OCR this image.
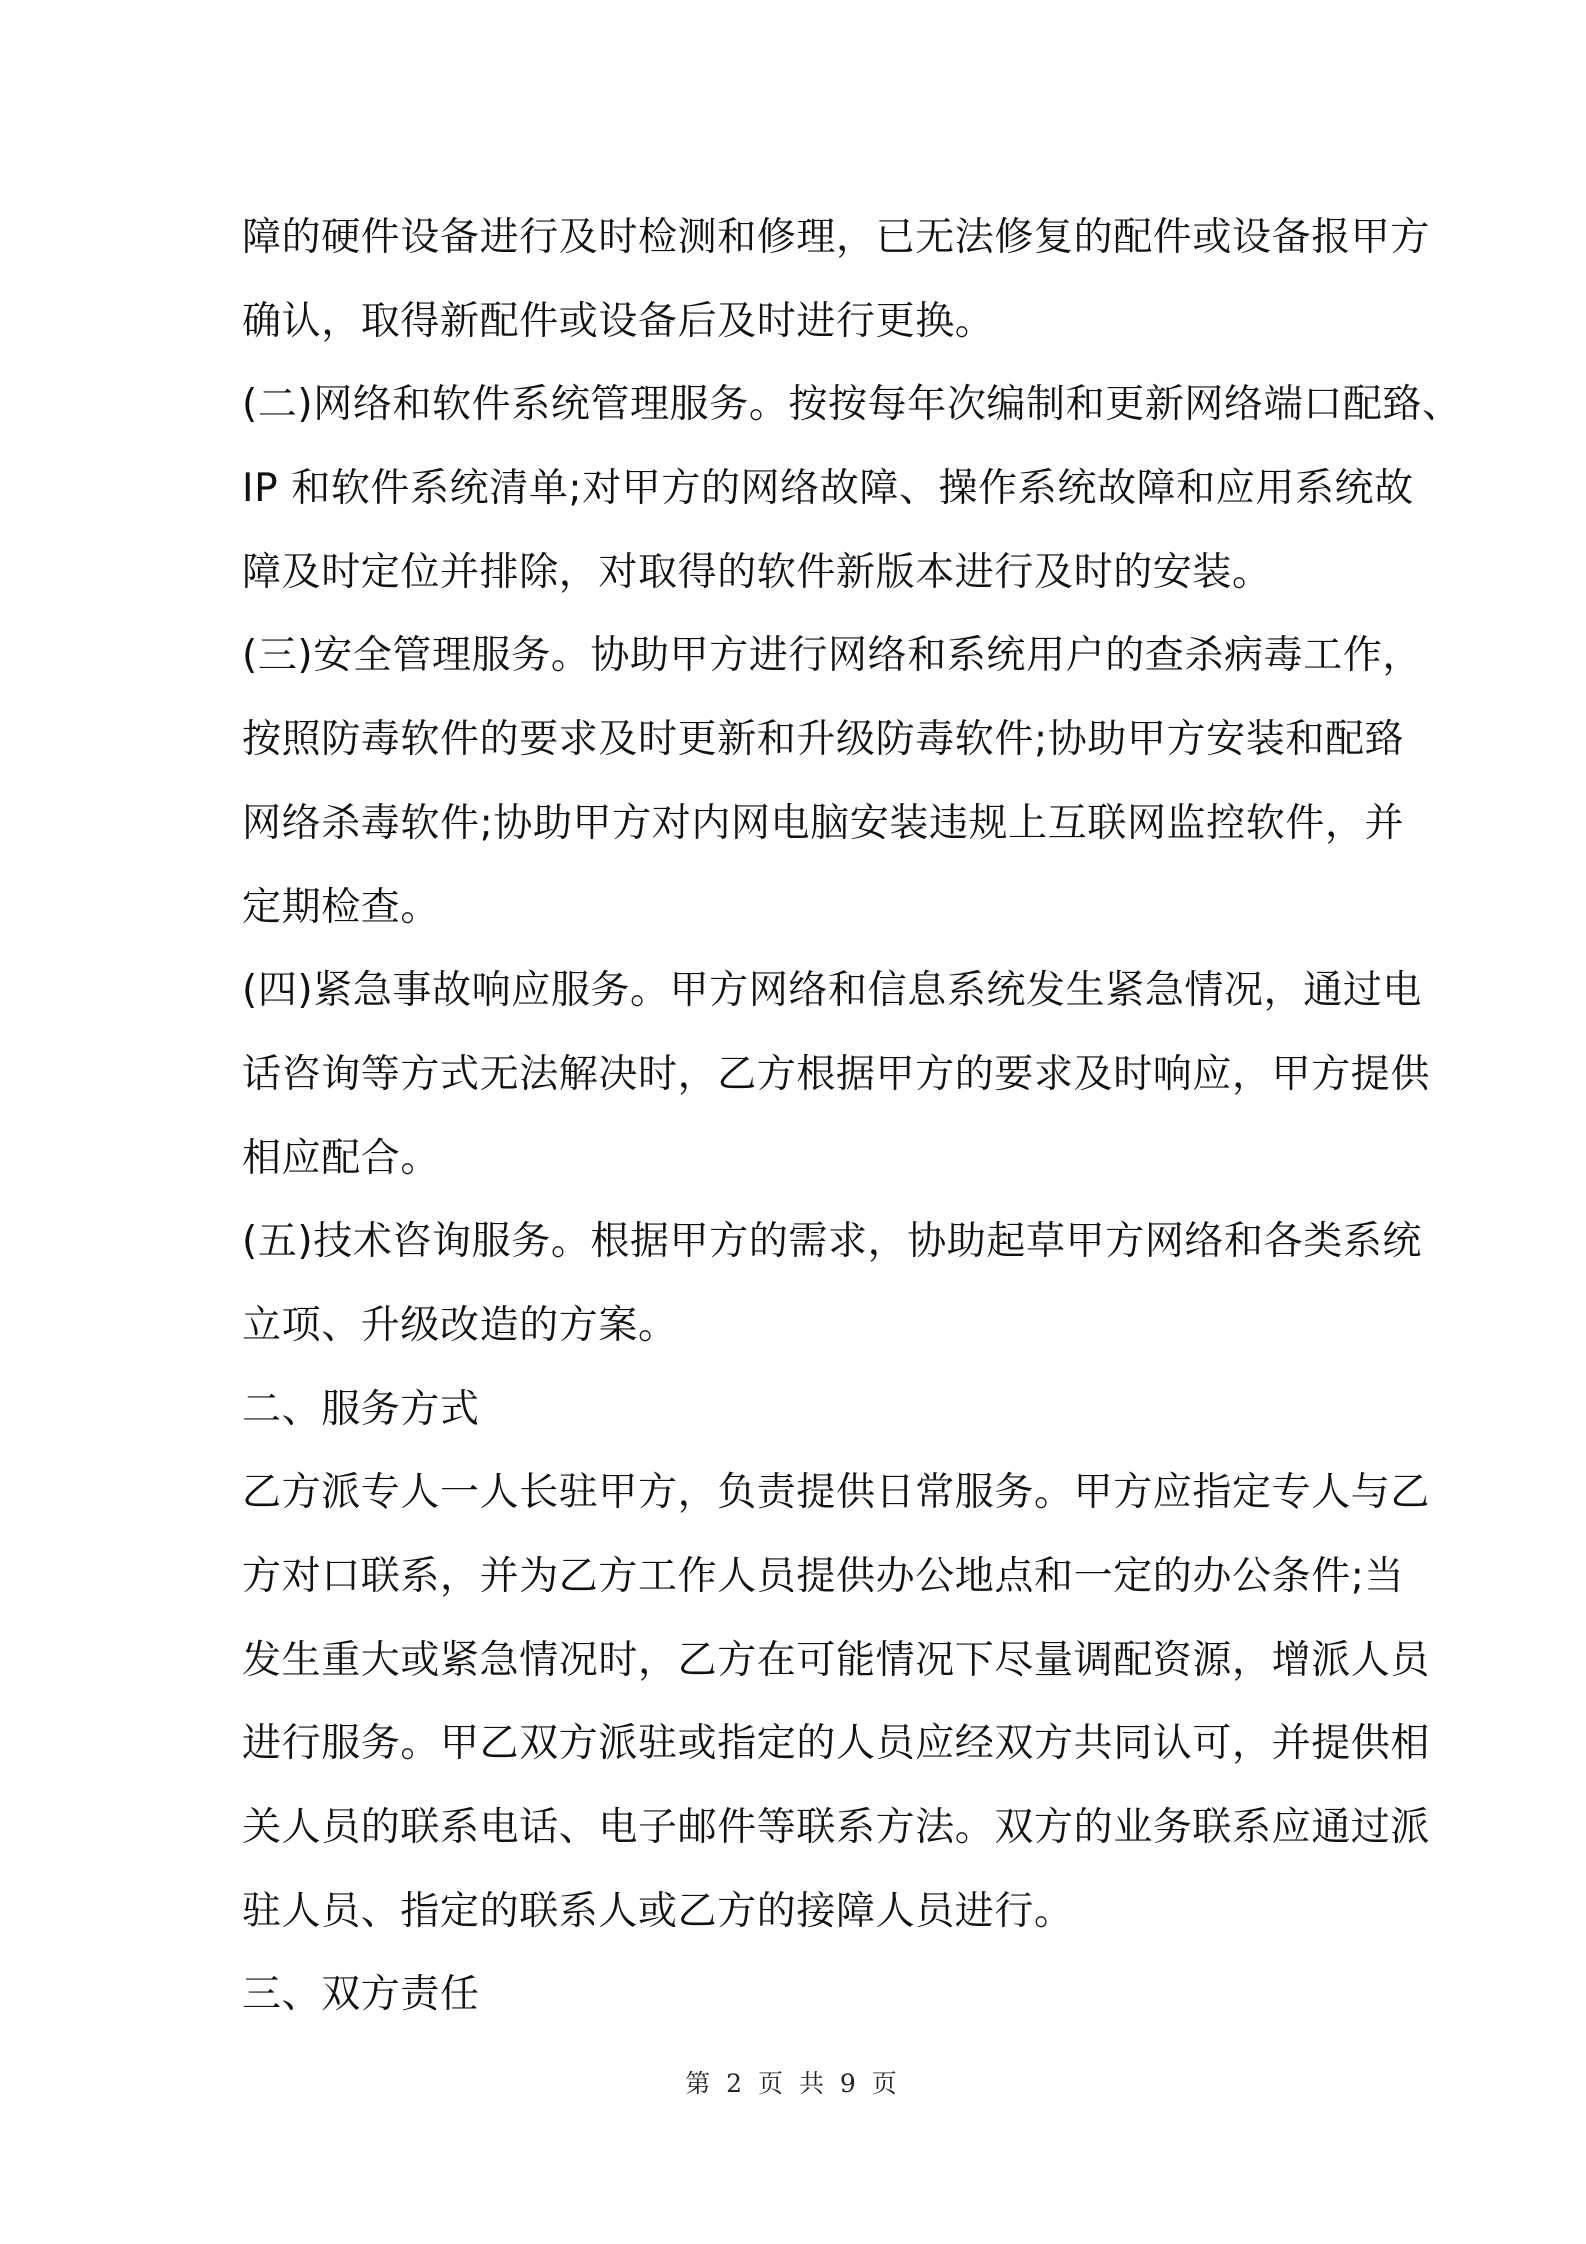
障的硬件设备进行及时检测和修理，已无法修复的配件或设备报甲方
确认，取得新配件或设备后及时进行更换。
(二)网络和软件系统管理服务。按按每年次编制和更新网络端口配臵、
IP 和软件系统清单;对甲方的网络故障、操作系统故障和应用系统故
障及时定位并排除，对取得的软件新版本进行及时的安装。
(三)安全管理服务。协助甲方进行网络和系统用户的查杀病毒工作，
按照防毒软件的要求及时更新和升级防毒软件;协助甲方安装和配臵
网络杀毒软件;协助甲方对内网电脑安装违规上互联网监控软件，并
定期检查。
(四)紧急事故响应服务。甲方网络和信息系统发生紧急情况，通过电
话咨询等方式无法解决时，乙方根据甲方的要求及时响应，甲方提供
相应配合。
(五)技术咨询服务。根据甲方的需求，协助起草甲方网络和各类系统
立项、升级改造的方案。
二、服务方式
乙方派专人一人长驻甲方，负责提供日常服务。甲方应指定专人与乙
方对口联系，并为乙方工作人员提供办公地点和一定的办公条件;当
发生重大或紧急情况时，乙方在可能情况下尽量调配资源，增派人员
进行服务。甲乙双方派驻或指定的人员应经双方共同认可，并提供相
关人员的联系电话、电子邮件等联系方法。双方的业务联系应通过派
驻人员、指定的联系人或乙方的接障人员进行。
三、双方责任
第 2 页 共 9 页
